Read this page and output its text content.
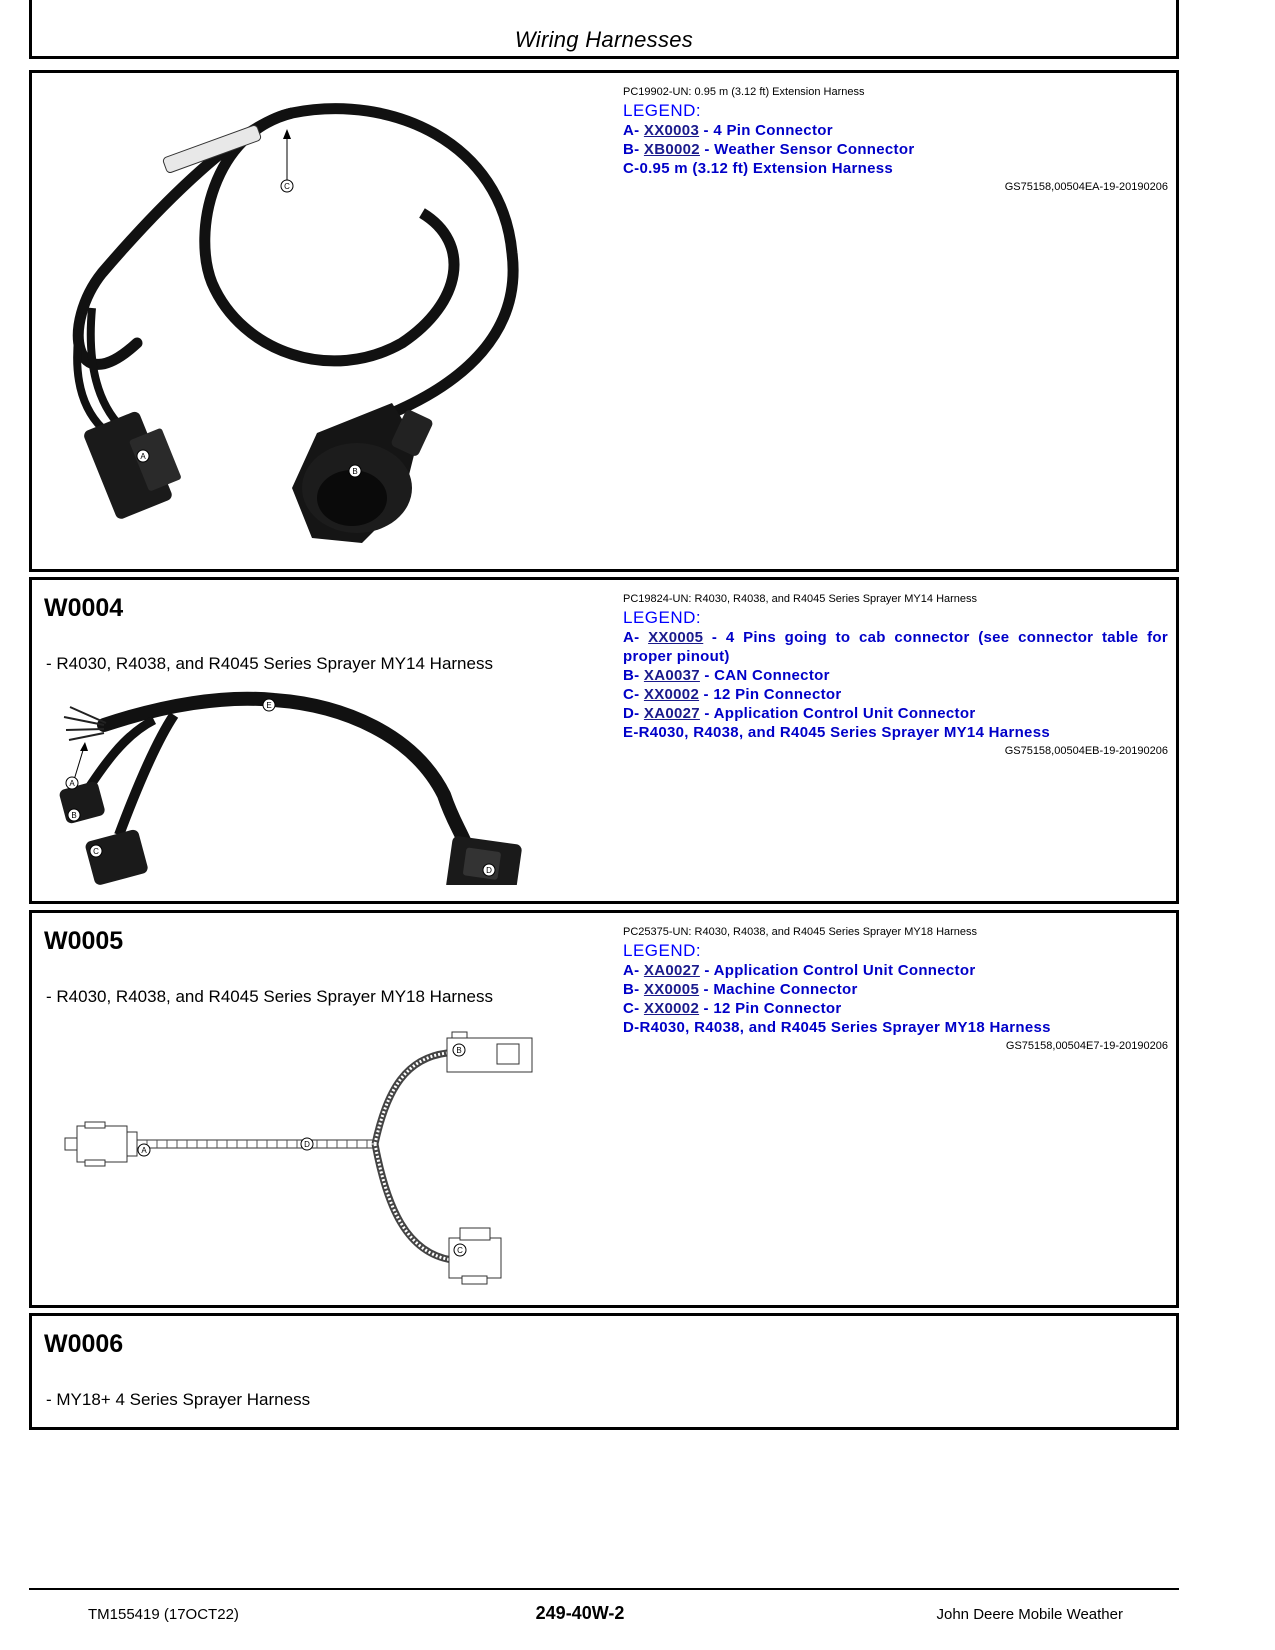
Wiring Harnesses
C
A
B
PC19902-UN: 0.95 m (3.12 ft) Extension Harness
LEGEND:
A- XX0003 - 4 Pin Connector
B- XB0002 - Weather Sensor Connector
C-0.95 m (3.12 ft) Extension Harness
GS75158,00504EA-19-20190206
W0004
- R4030, R4038, and R4045 Series Sprayer MY14 Harness
A
B
C
D
E
PC19824-UN: R4030, R4038, and R4045 Series Sprayer MY14 Harness
LEGEND:
A- XX0005 - 4 Pins going to cab connector (see connector table for proper pinout)
B- XA0037 - CAN Connector
C- XX0002 - 12 Pin Connector
D- XA0027 - Application Control Unit Connector
E-R4030, R4038, and R4045 Series Sprayer MY14 Harness
GS75158,00504EB-19-20190206
W0005
- R4030, R4038, and R4045 Series Sprayer MY18 Harness
A
B
C
D
PC25375-UN: R4030, R4038, and R4045 Series Sprayer MY18 Harness
LEGEND:
A- XA0027 - Application Control Unit Connector
B- XX0005 - Machine Connector
C- XX0002 - 12 Pin Connector
D-R4030, R4038, and R4045 Series Sprayer MY18 Harness
GS75158,00504E7-19-20190206
W0006
- MY18+ 4 Series Sprayer Harness
TM155419 (17OCT22)	249-40W-2	John Deere Mobile Weather
